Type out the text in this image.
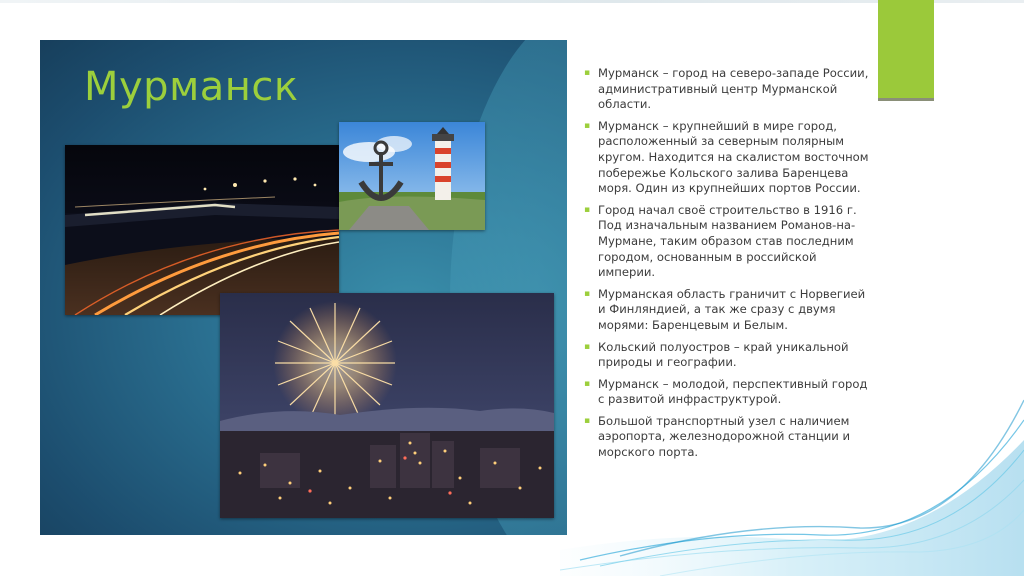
Мурманск	▪ Мурманск – город на северо-западе России, административный центр Мурманской области.
▪ Мурманск – крупнейший в мире город, расположенный за северным полярным кругом. Находится на скалистом восточном побережье Кольского залива Баренцева моря. Один из крупнейших портов России.
▪ Город начал своё строительство в 1916 г. Под изначальным названием Романов-на-Мурмане, таким образом став последним городом, основанным в российской империи.
▪ Мурманская область граничит с Норвегией и Финляндией, а так же сразу с двумя морями: Баренцевым и Белым.
▪ Кольский полуостров – край уникальной природы и географии.
▪ Мурманск – молодой, перспективный город с развитой инфраструктурой.
▪ Большой транспортный узел с наличием аэропорта, железнодорожной станции и морского порта.
